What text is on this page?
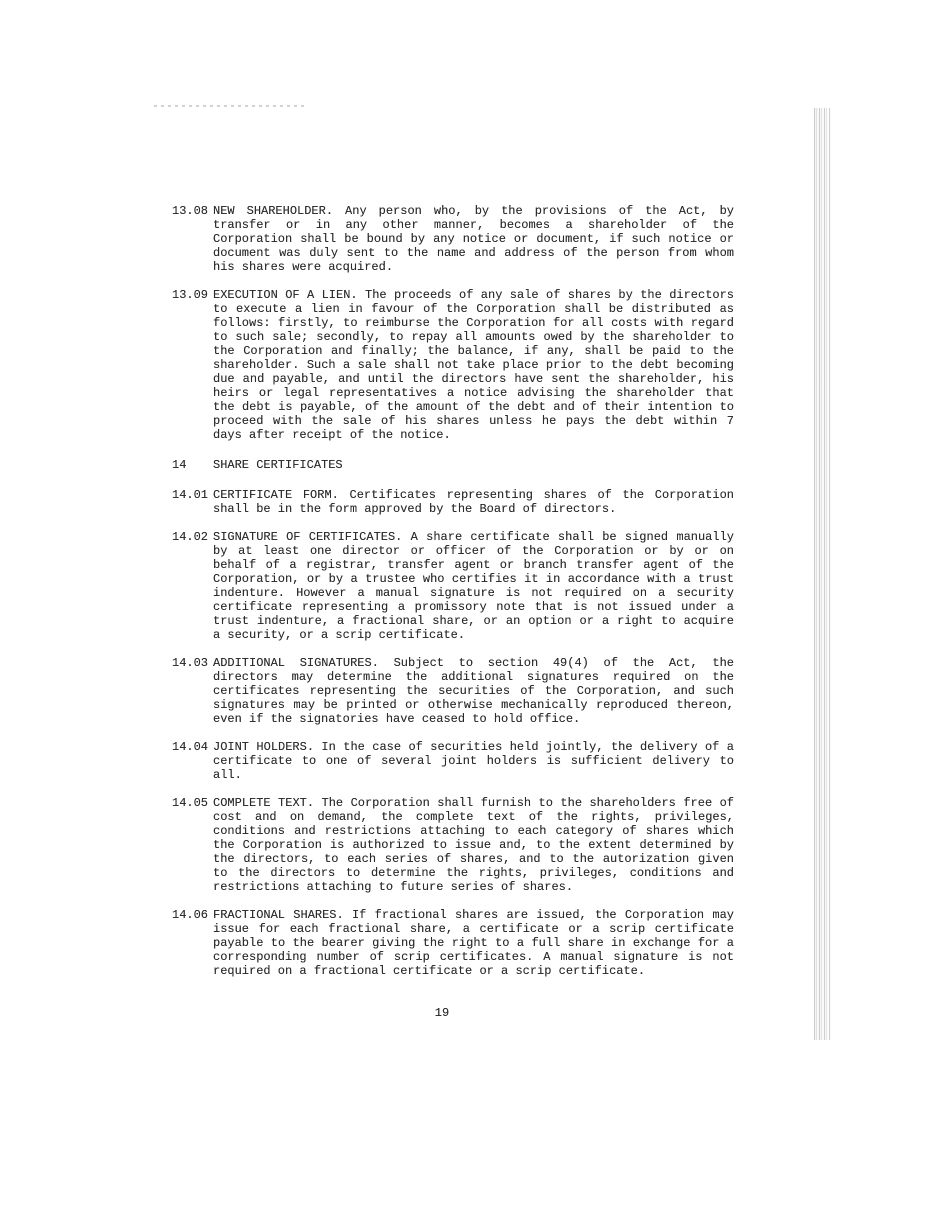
13.08 NEW SHAREHOLDER. Any person who, by the provisions of the Act, by transfer or in any other manner, becomes a shareholder of the Corporation shall be bound by any notice or document, if such notice or document was duly sent to the name and address of the person from whom his shares were acquired.

13.09 EXECUTION OF A LIEN. The proceeds of any sale of shares by the directors to execute a lien in favour of the Corporation shall be distributed as follows: firstly, to reimburse the Corporation for all costs with regard to such sale; secondly, to repay all amounts owed by the shareholder to the Corporation and finally; the balance, if any, shall be paid to the shareholder. Such a sale shall not take place prior to the debt becoming due and payable, and until the directors have sent the shareholder, his heirs or legal representatives a notice advising the shareholder that the debt is payable, of the amount of the debt and of their intention to proceed with the sale of his shares unless he pays the debt within 7 days after receipt of the notice.

14	SHARE CERTIFICATES

14.01 CERTIFICATE FORM. Certificates representing shares of the Corporation shall be in the form approved by the Board of directors.

14.02 SIGNATURE OF CERTIFICATES. A share certificate shall be signed manually by at least one director or officer of the Corporation or by or on behalf of a registrar, transfer agent or branch transfer agent of the Corporation, or by a trustee who certifies it in accordance with a trust indenture. However a manual signature is not required on a security certificate representing a promissory note that is not issued under a trust indenture, a fractional share, or an option or a right to acquire a security, or a scrip certificate.

14.03 ADDITIONAL SIGNATURES. Subject to section 49(4) of the Act, the directors may determine the additional signatures required on the certificates representing the securities of the Corporation, and such signatures may be printed or otherwise mechanically reproduced thereon, even if the signatories have ceased to hold office.

14.04 JOINT HOLDERS. In the case of securities held jointly, the delivery of a certificate to one of several joint holders is sufficient delivery to all.

14.05 COMPLETE TEXT. The Corporation shall furnish to the shareholders free of cost and on demand, the complete text of the rights, privileges, conditions and restrictions attaching to each category of shares which the Corporation is authorized to issue and, to the extent determined by the directors, to each series of shares, and to the autorization given to the directors to determine the rights, privileges, conditions and restrictions attaching to future series of shares.

14.06 FRACTIONAL SHARES. If fractional shares are issued, the Corporation may issue for each fractional share, a certificate or a scrip certificate payable to the bearer giving the right to a full share in exchange for a corresponding number of scrip certificates. A manual signature is not required on a fractional certificate or a scrip certificate.

19
